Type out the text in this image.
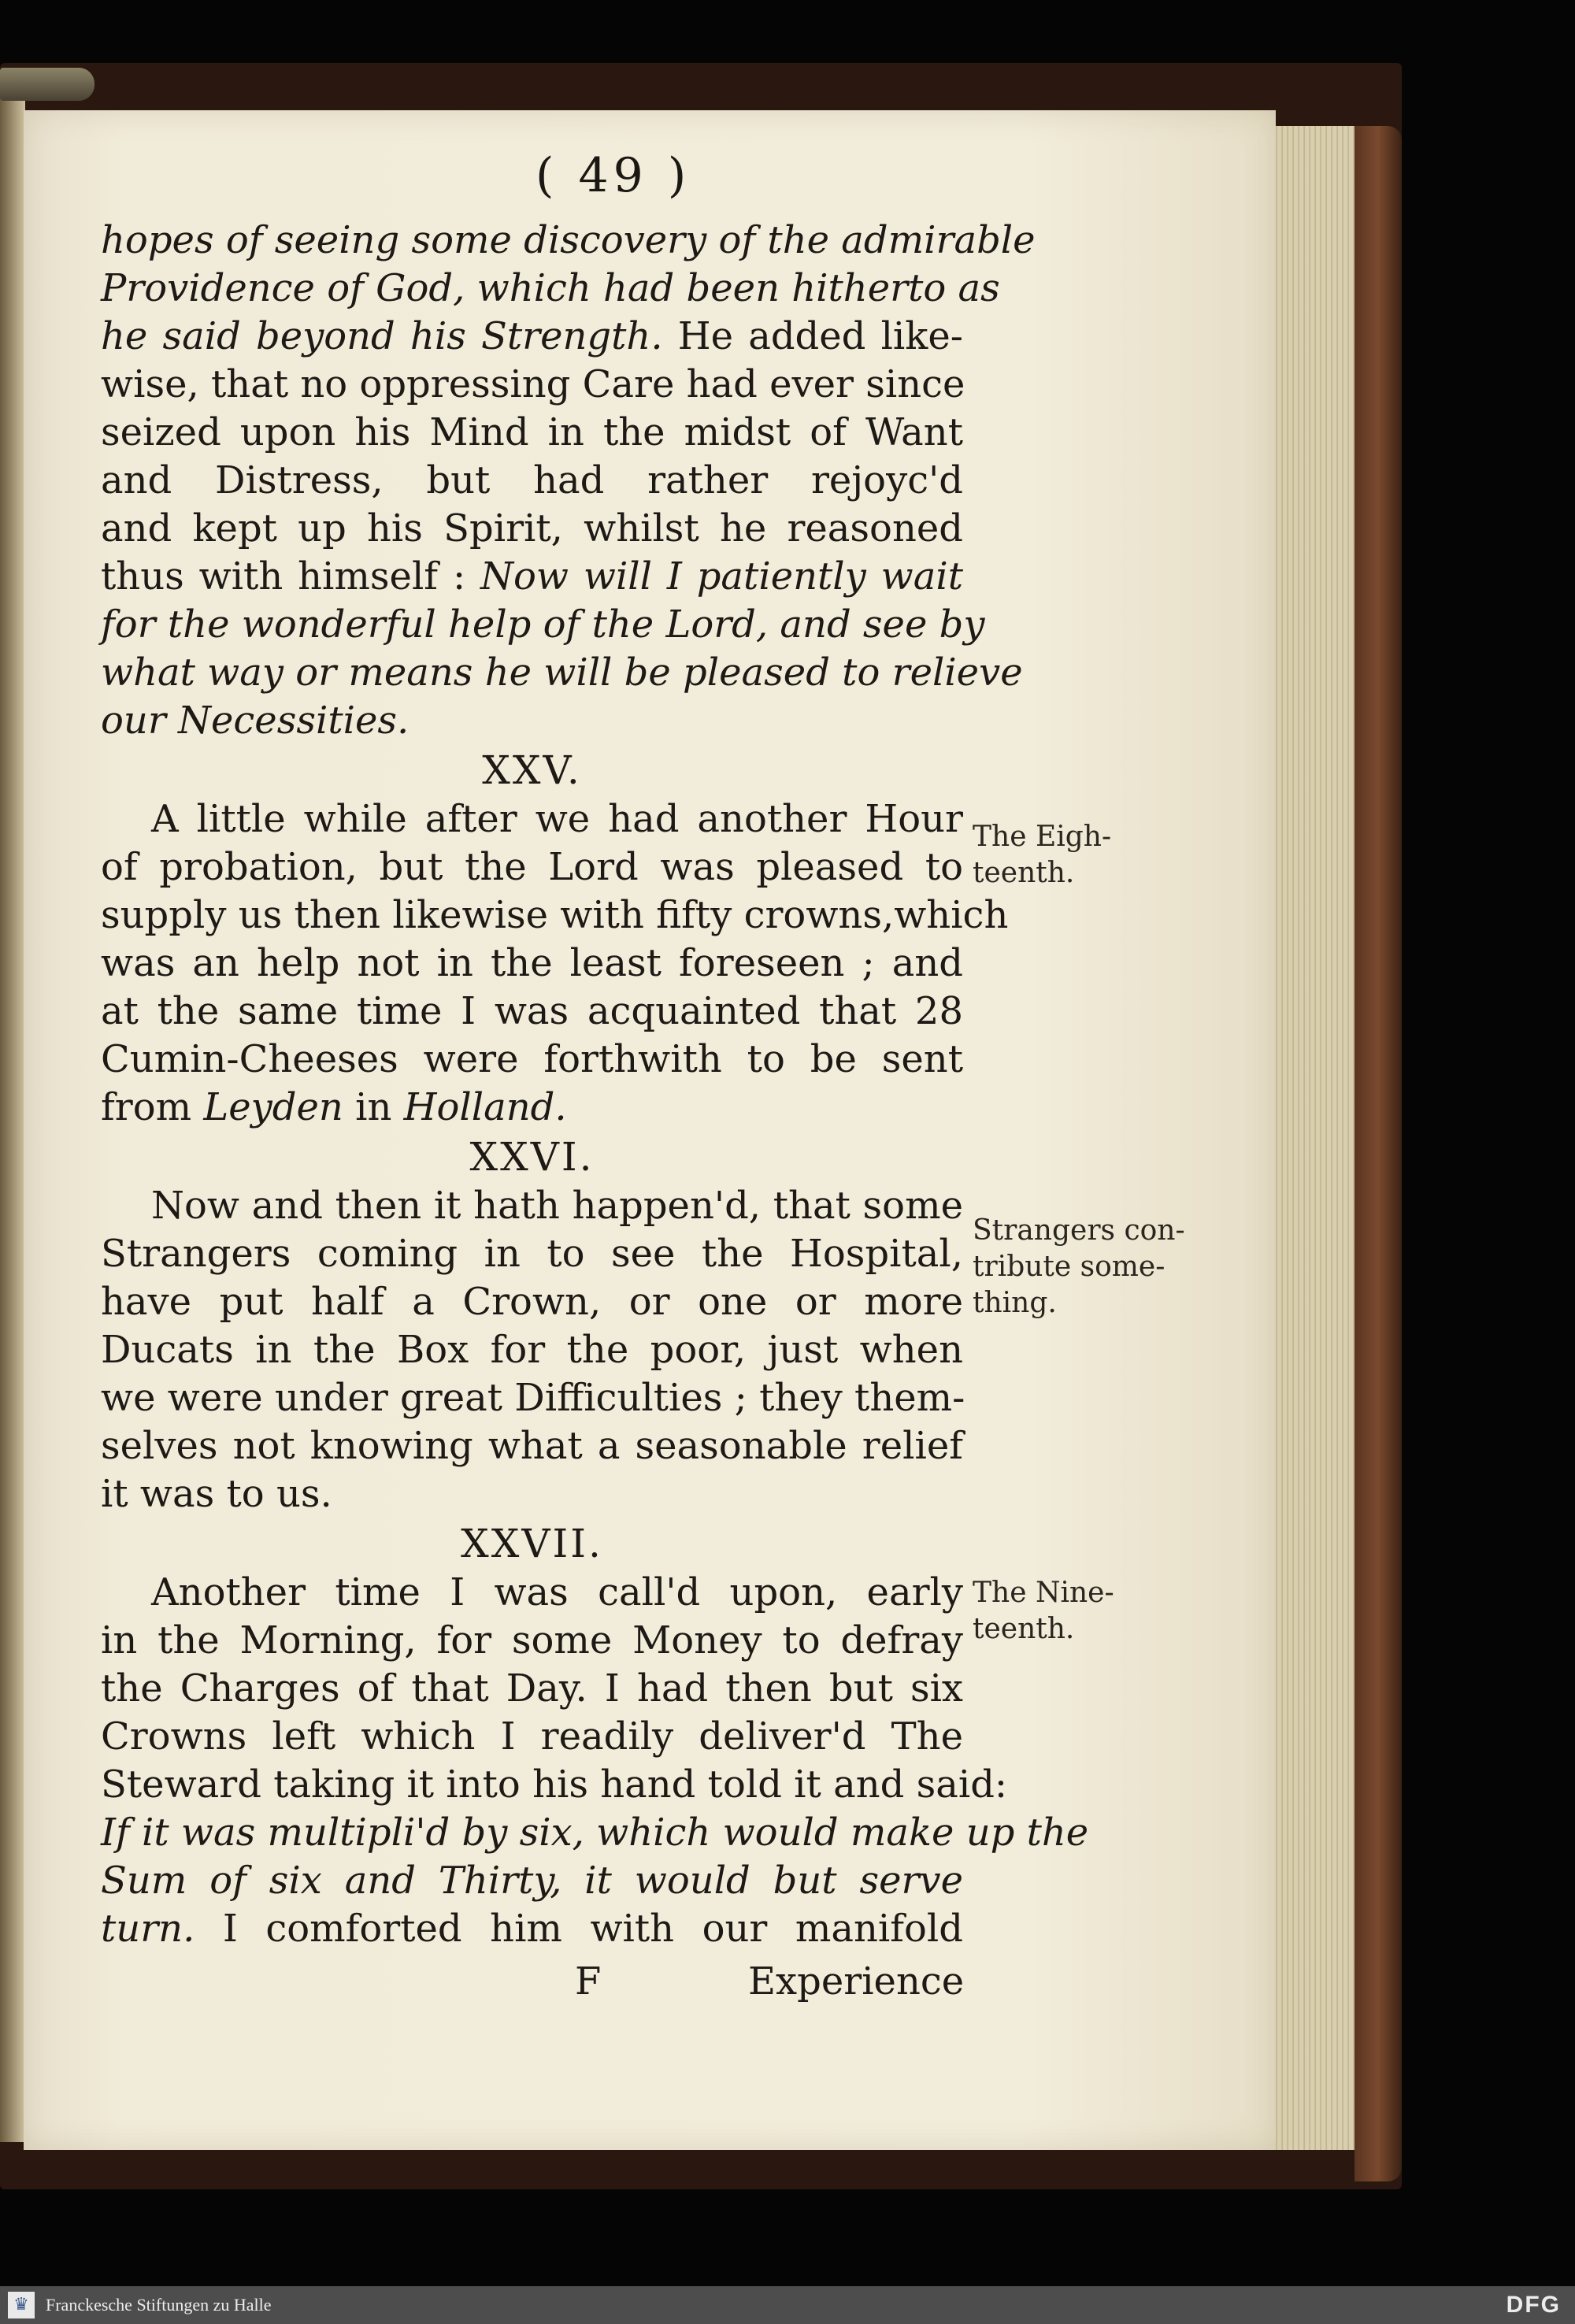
( 49 )
hopes of seeing some discovery of the admirable
Providence of God, which had been hitherto as
he said beyond his Strength. He added like-
wise, that no oppressing Care had ever since
seized upon his Mind in the midst of Want
and Distress, but had rather rejoyc'd
and kept up his Spirit, whilst he reasoned
thus with himself : Now will I patiently wait
for the wonderful help of the Lord, and see by
what way or means he will be pleased to relieve
our Necessities.
XXV.
A little while after we had another Hour
of probation, but the Lord was pleased to
supply us then likewise with fifty crowns,which
was an help not in the least foreseen ; and
at the same time I was acquainted that 28
Cumin-Cheeses were forthwith to be sent
from Leyden in Holland.
XXVI.
Now and then it hath happen'd, that some
Strangers coming in to see the Hospital,
have put half a Crown, or one or more
Ducats in the Box for the poor, just when
we were under great Difficulties ; they them-
selves not knowing what a seasonable relief
it was to us.
XXVII.
Another time I was call'd upon, early
in the Morning, for some Money to defray
the Charges of that Day. I had then but six
Crowns left which I readily deliver'd The
Steward taking it into his hand told it and said:
If it was multipli'd by six, which would make up the
Sum of six and Thirty, it would but serve
turn. I comforted him with our manifold
F	Experience
The Eigh-
teenth.
Strangers con-
tribute some-
thing.
The Nine-
teenth.
♛ Franckesche Stiftungen zu Halle	DFG
